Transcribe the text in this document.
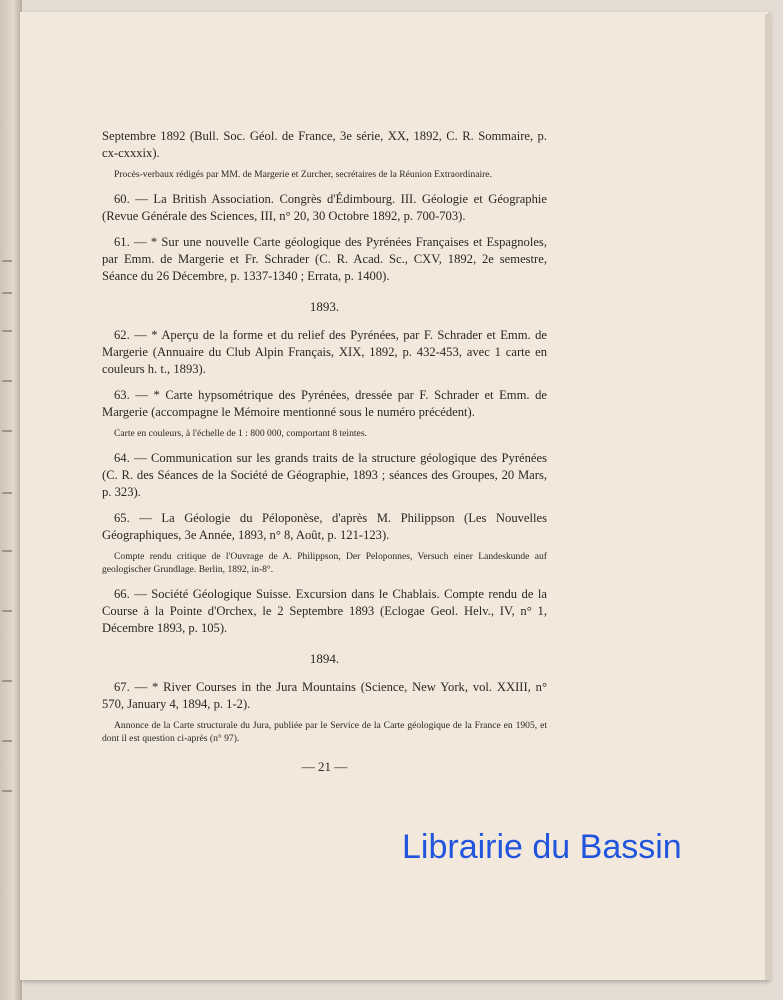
Septembre 1892 (Bull. Soc. Géol. de France, 3e série, XX, 1892, C. R. Sommaire, p. cx-cxxxix).

Procès-verbaux rédigés par MM. de Margerie et Zurcher, secrétaires de la Réunion Extraordinaire.

60. — La British Association. Congrès d'Édimbourg. III. Géologie et Géographie (Revue Générale des Sciences, III, n° 20, 30 Octobre 1892, p. 700-703).

61. — * Sur une nouvelle Carte géologique des Pyrénées Françaises et Espagnoles, par Emm. de Margerie et Fr. Schrader (C. R. Acad. Sc., CXV, 1892, 2e semestre, Séance du 26 Décembre, p. 1337-1340 ; Errata, p. 1400).

1893.

62. — * Aperçu de la forme et du relief des Pyrénées, par F. Schrader et Emm. de Margerie (Annuaire du Club Alpin Français, XIX, 1892, p. 432-453, avec 1 carte en couleurs h. t., 1893).

63. — * Carte hypsométrique des Pyrénées, dressée par F. Schrader et Emm. de Margerie (accompagne le Mémoire mentionné sous le numéro précédent).

Carte en couleurs, à l'échelle de 1 : 800 000, comportant 8 teintes.

64. — Communication sur les grands traits de la structure géologique des Pyrénées (C. R. des Séances de la Société de Géographie, 1893 ; séances des Groupes, 20 Mars, p. 323).

65. — La Géologie du Péloponèse, d'après M. Philippson (Les Nouvelles Géographiques, 3e Année, 1893, n° 8, Août, p. 121-123).

Compte rendu critique de l'Ouvrage de A. Philippson, Der Peloponnes, Versuch einer Landeskunde auf geologischer Grundlage. Berlin, 1892, in-8°.

66. — Société Géologique Suisse. Excursion dans le Chablais. Compte rendu de la Course à la Pointe d'Orchex, le 2 Septembre 1893 (Eclogae Geol. Helv., IV, n° 1, Décembre 1893, p. 105).

1894.

67. — * River Courses in the Jura Mountains (Science, New York, vol. XXIII, n° 570, January 4, 1894, p. 1-2).

Annonce de la Carte structurale du Jura, publiée par le Service de la Carte géologique de la France en 1905, et dont il est question ci-après (n° 97).

— 21 —
Librairie du Bassin
